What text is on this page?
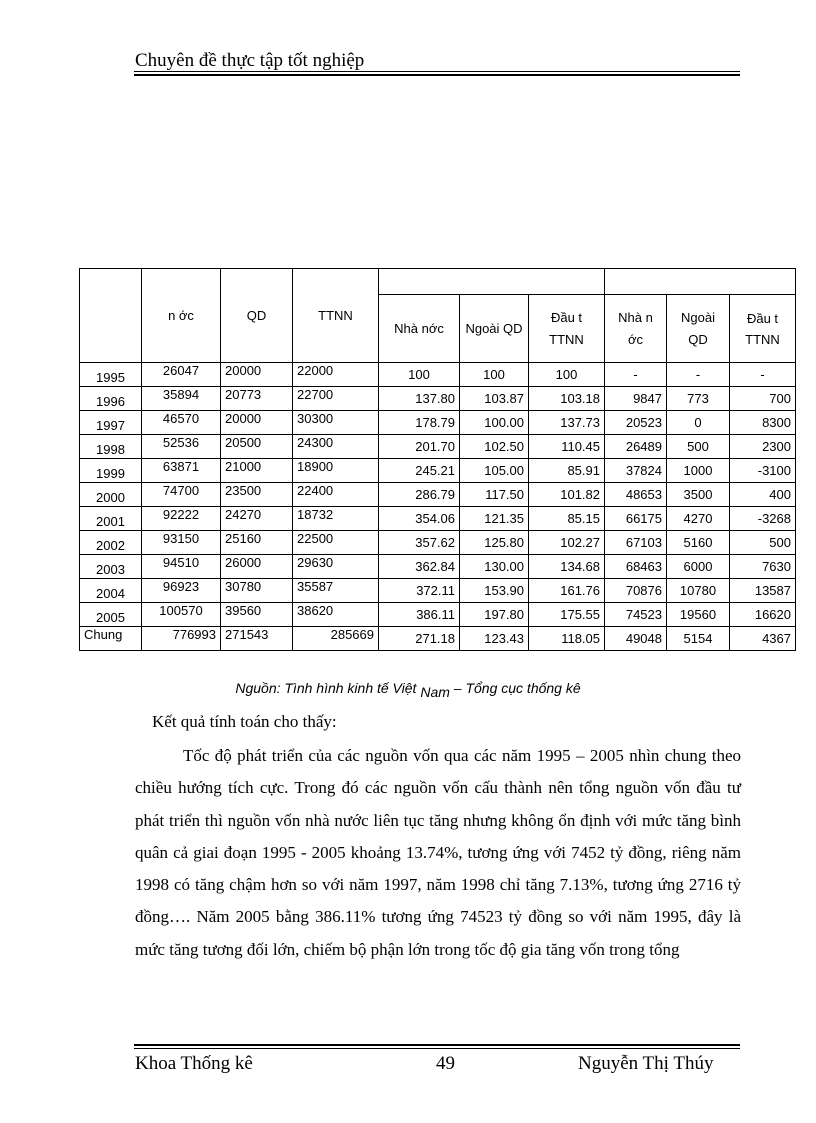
Chuyên đề thực tập tốt nghiệp
	n ớc	QD	TTNN						
				Nhà nớc	Ngoài QD	Đầu t TTNN	Nhà n ớc	Ngoài QD	Đầu t TTNN
1995	26047	20000	22000	100	100	100	-	-	-
1996	35894	20773	22700	137.80	103.87	103.18	9847	773	700
1997	46570	20000	30300	178.79	100.00	137.73	20523	0	8300
1998	52536	20500	24300	201.70	102.50	110.45	26489	500	2300
1999	63871	21000	18900	245.21	105.00	85.91	37824	1000	-3100
2000	74700	23500	22400	286.79	117.50	101.82	48653	3500	400
2001	92222	24270	18732	354.06	121.35	85.15	66175	4270	-3268
2002	93150	25160	22500	357.62	125.80	102.27	67103	5160	500
2003	94510	26000	29630	362.84	130.00	134.68	68463	6000	7630
2004	96923	30780	35587	372.11	153.90	161.76	70876	10780	13587
2005	100570	39560	38620	386.11	197.80	175.55	74523	19560	16620
Chung	776993	271543	285669	271.18	123.43	118.05	49048	5154	4367
Nguồn: Tình hình kinh tế Việt Nam – Tổng cục thống kê
Kết quả tính toán cho thấy:

Tốc độ phát triển của các nguồn vốn qua các năm 1995 – 2005 nhìn chung theo chiều hướng tích cực. Trong đó các nguồn vốn cấu thành nên tổng nguồn vốn đầu tư phát triển thì nguồn vốn nhà nước liên tục tăng nhưng không ổn định với mức tăng bình quân cả giai đoạn 1995 - 2005 khoảng 13.74%, tương ứng với 7452 tỷ đồng, riêng năm 1998 có tăng chậm hơn so với năm 1997, năm 1998 chỉ tăng 7.13%, tương ứng 2716 tỷ đồng…. Năm 2005 bằng 386.11% tương ứng 74523 tỷ đồng so với năm 1995, đây là mức tăng tương đối lớn, chiếm bộ phận lớn trong tốc độ gia tăng vốn trong tổng

Khoa Thống kê	49	Nguyễn Thị Thúy
